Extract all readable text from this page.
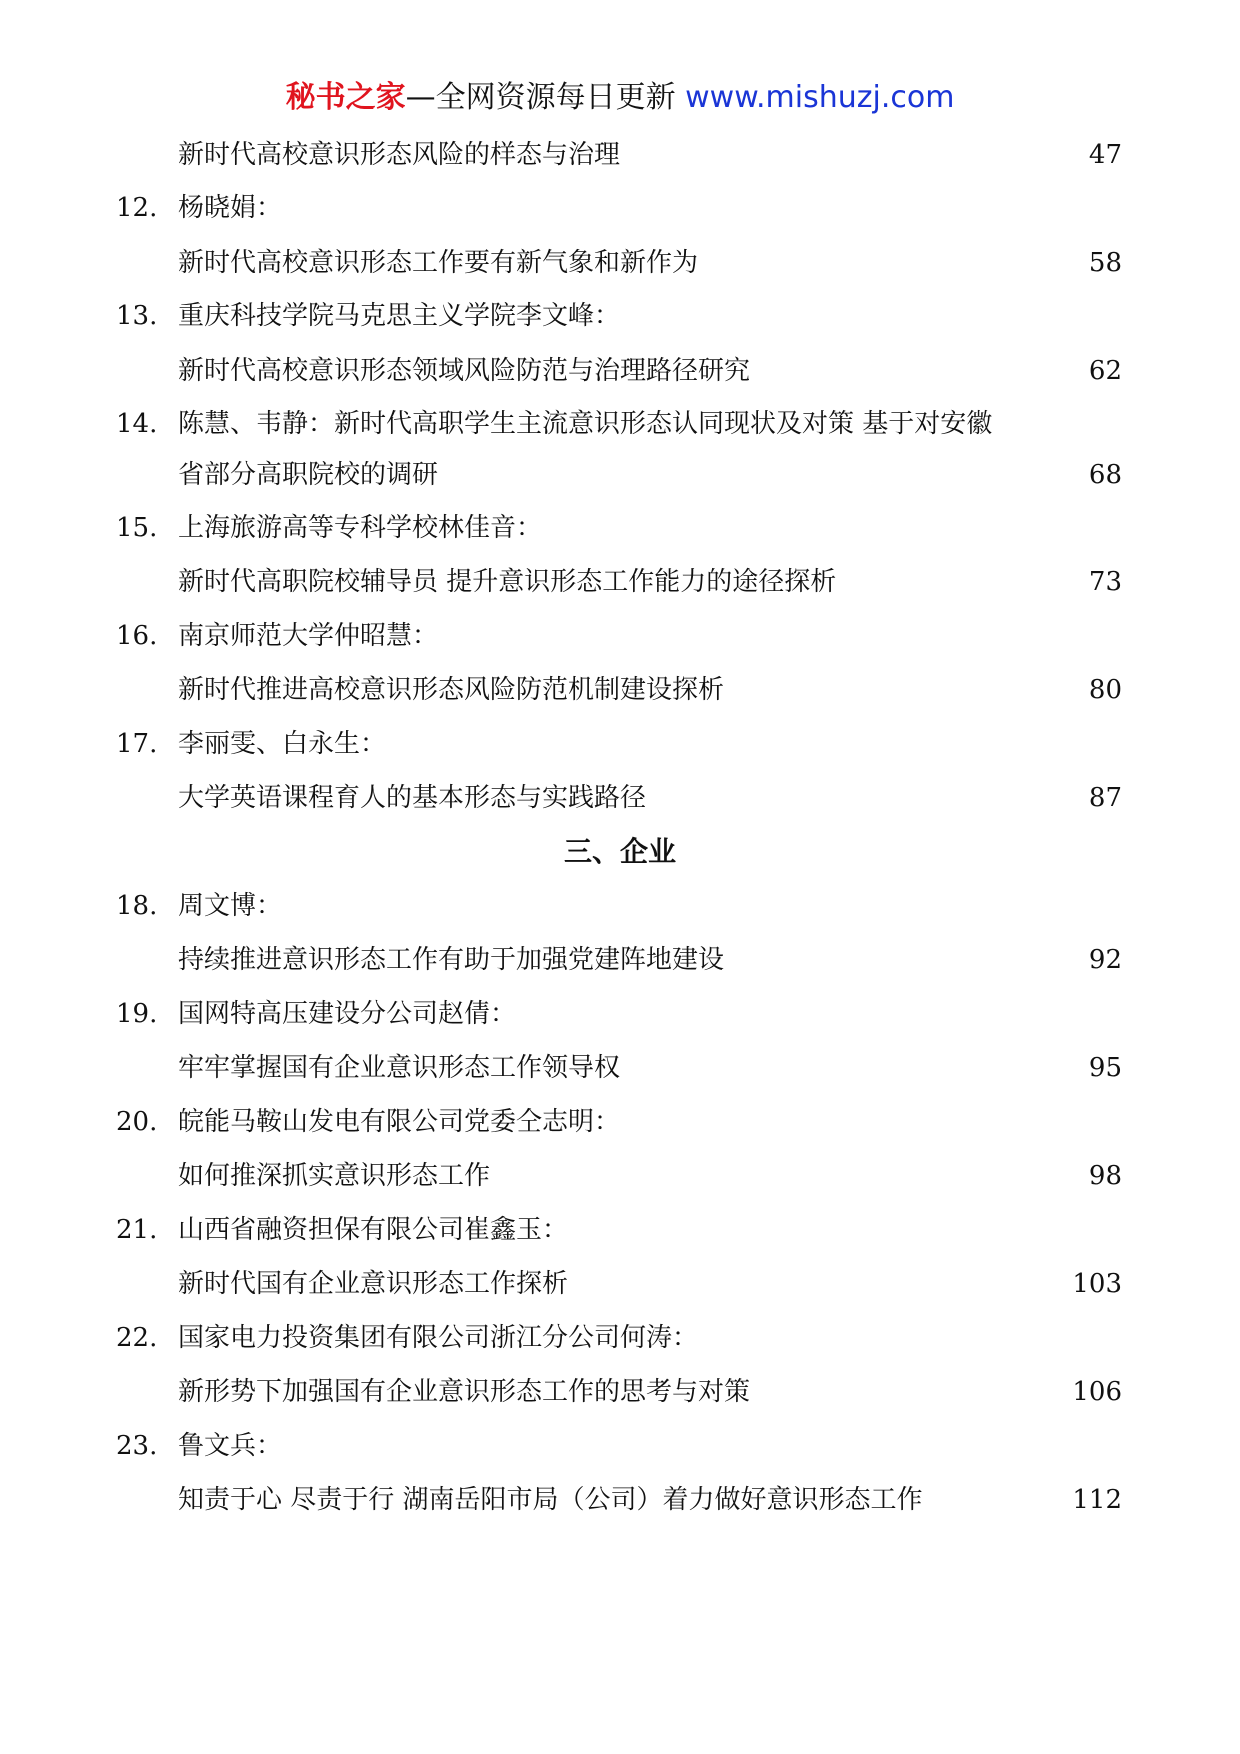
秘书之家—全网资源每日更新 www.mishuzj.com
新时代高校意识形态风险的样态与治理	47
12. 杨晓娟：
新时代高校意识形态工作要有新气象和新作为	58
13. 重庆科技学院马克思主义学院李文峰：
新时代高校意识形态领域风险防范与治理路径研究	62
14. 陈慧、韦静：新时代高职学生主流意识形态认同现状及对策 基于对安徽
省部分高职院校的调研	68
15. 上海旅游高等专科学校林佳音：
新时代高职院校辅导员 提升意识形态工作能力的途径探析	73
16. 南京师范大学仲昭慧：
新时代推进高校意识形态风险防范机制建设探析	80
17. 李丽雯、白永生：
大学英语课程育人的基本形态与实践路径	87
三、企业
18. 周文博：
持续推进意识形态工作有助于加强党建阵地建设	92
19. 国网特高压建设分公司赵倩：
牢牢掌握国有企业意识形态工作领导权	95
20. 皖能马鞍山发电有限公司党委仝志明：
如何推深抓实意识形态工作	98
21. 山西省融资担保有限公司崔鑫玉：
新时代国有企业意识形态工作探析	103
22. 国家电力投资集团有限公司浙江分公司何涛：
新形势下加强国有企业意识形态工作的思考与对策	106
23. 鲁文兵：
知责于心 尽责于行 湖南岳阳市局（公司）着力做好意识形态工作	112
